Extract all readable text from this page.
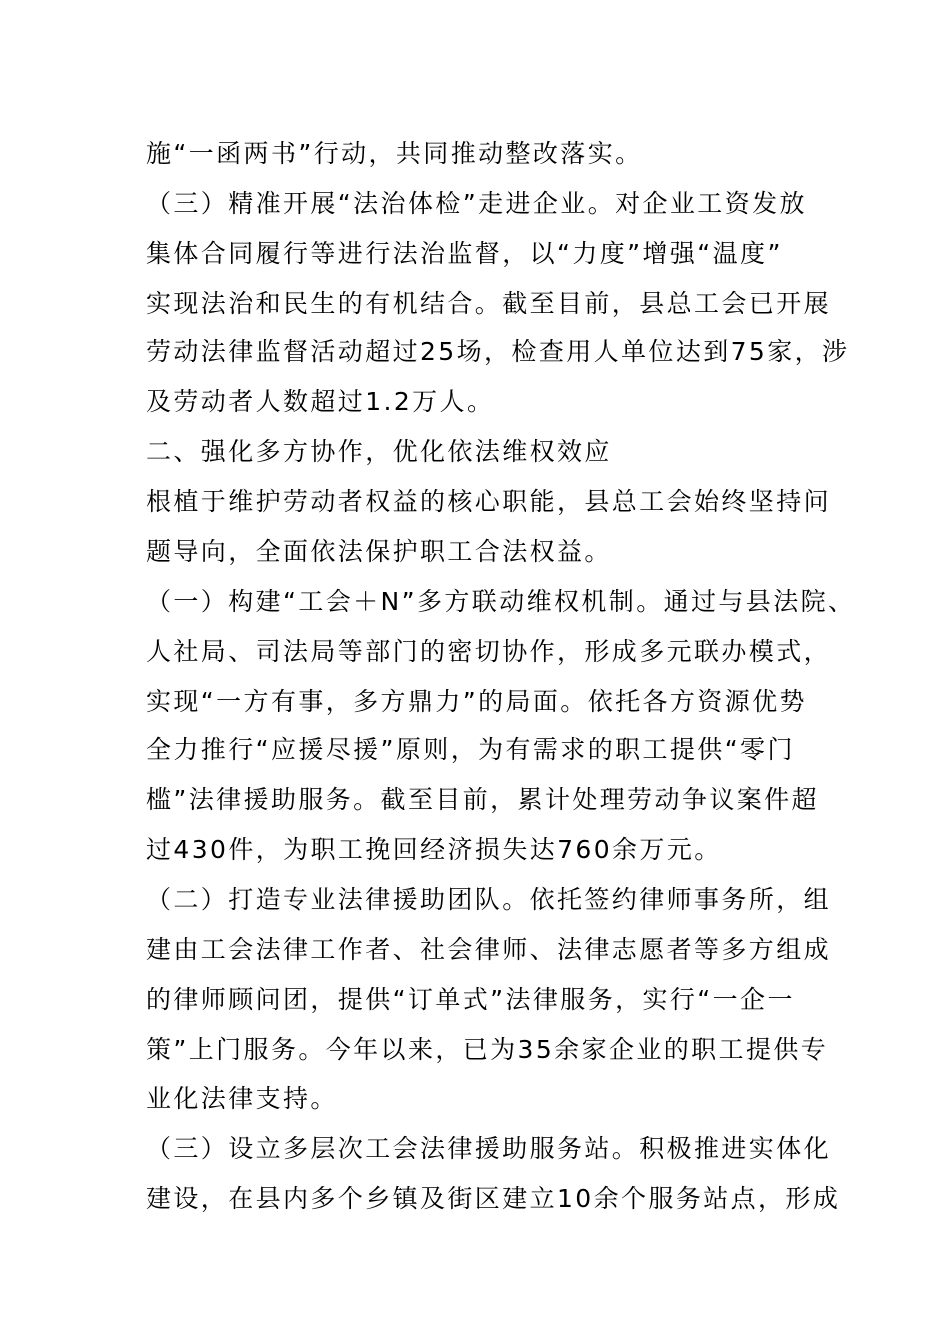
施“一函两书”行动，共同推动整改落实。
（三）精准开展“法治体检”走进企业。对企业工资发放
集体合同履行等进行法治监督，以“力度”增强“温度”
实现法治和民生的有机结合。截至目前，县总工会已开展
劳动法律监督活动超过25场，检查用人单位达到75家，涉
及劳动者人数超过1.2万人。
二、强化多方协作，优化依法维权效应
根植于维护劳动者权益的核心职能，县总工会始终坚持问
题导向，全面依法保护职工合法权益。
（一）构建“工会＋N”多方联动维权机制。通过与县法院、
人社局、司法局等部门的密切协作，形成多元联办模式，
实现“一方有事，多方鼎力”的局面。依托各方资源优势
全力推行“应援尽援”原则，为有需求的职工提供“零门
槛”法律援助服务。截至目前，累计处理劳动争议案件超
过430件，为职工挽回经济损失达760余万元。
（二）打造专业法律援助团队。依托签约律师事务所，组
建由工会法律工作者、社会律师、法律志愿者等多方组成
的律师顾问团，提供“订单式”法律服务，实行“一企一
策”上门服务。今年以来，已为35余家企业的职工提供专
业化法律支持。
（三）设立多层次工会法律援助服务站。积极推进实体化
建设，在县内多个乡镇及街区建立10余个服务站点，形成
